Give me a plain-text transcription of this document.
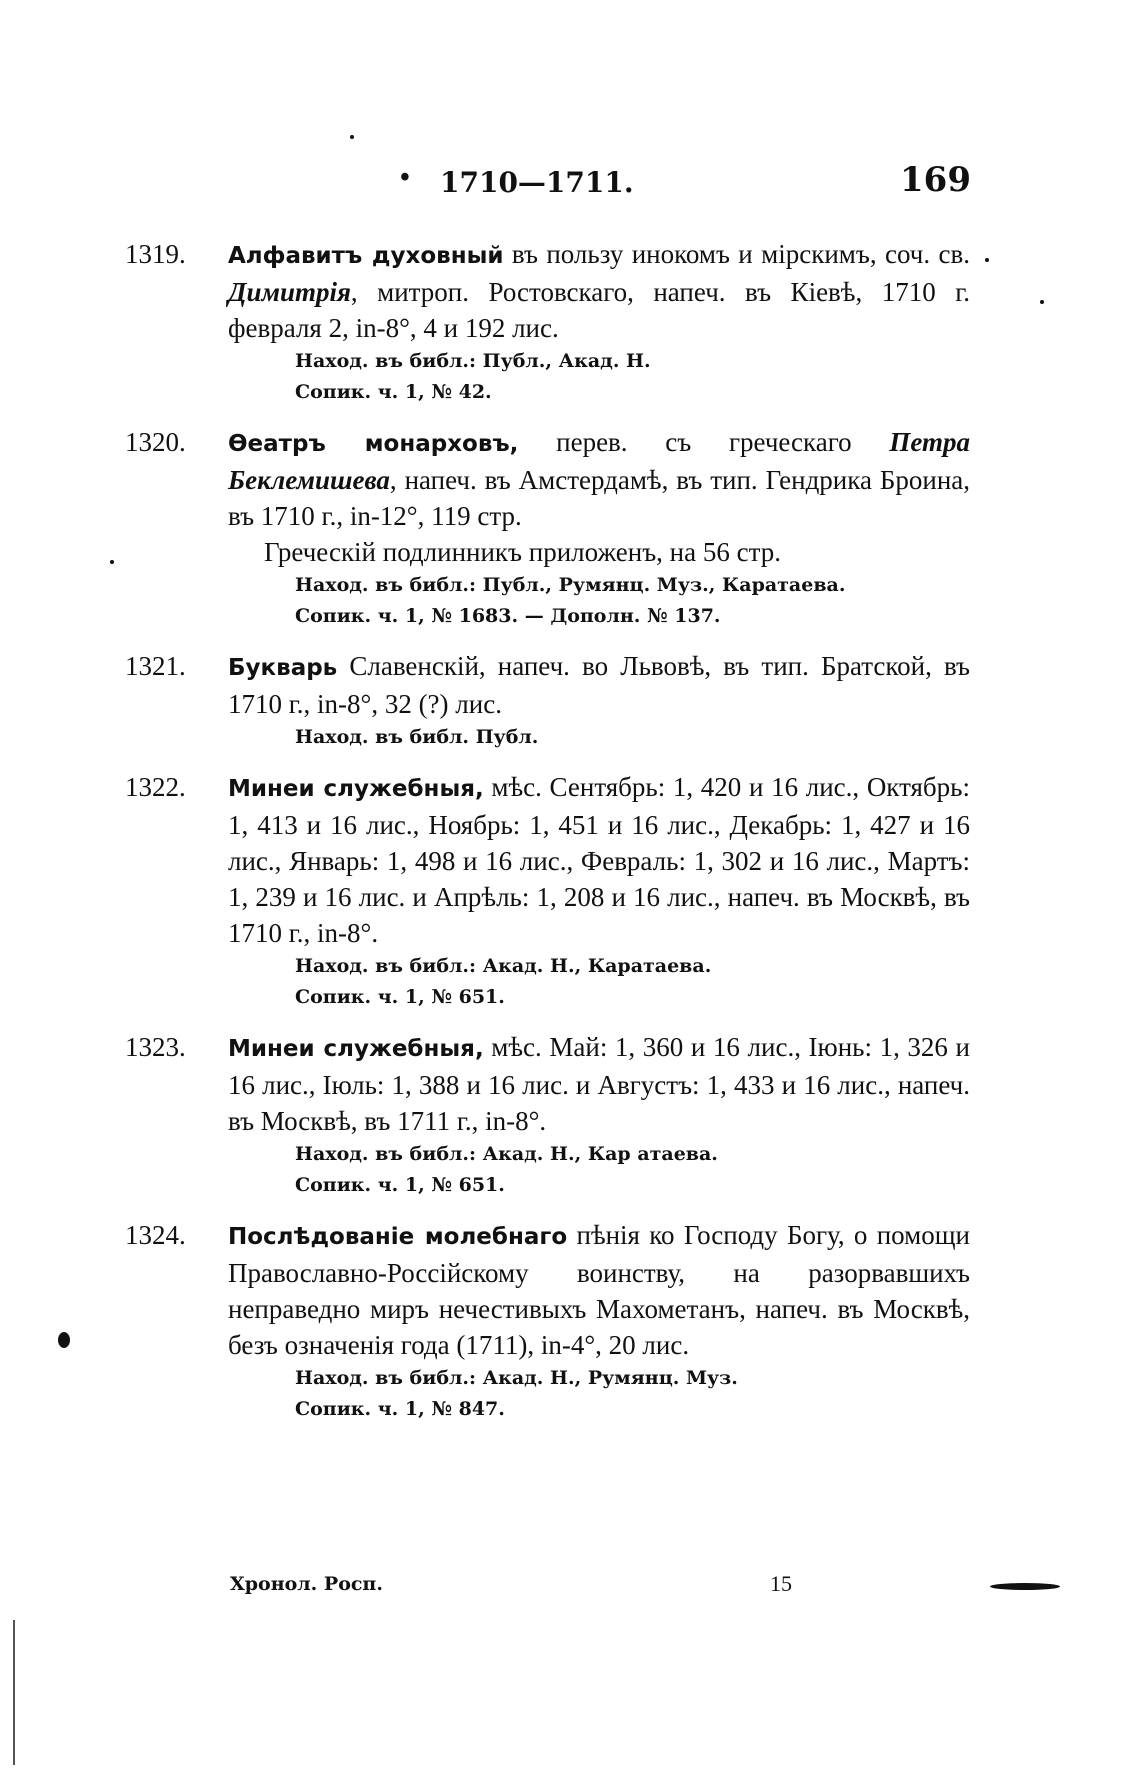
• 1710—1711.	169
1319. Алфавитъ духовный въ пользу инокомъ и мірскимъ, соч. св. Димитрія, митроп. Ростовскаго, напеч. въ Кіевѣ, 1710 г. февраля 2, in-8°, 4 и 192 лис.
Наход. въ библ.: Публ., Акад. Н.
Сопик. ч. 1, № 42.
1320. Өеатръ монарховъ, перев. съ греческаго Петра Беклемишева, напеч. въ Амстердамѣ, въ тип. Гендрика Броина, въ 1710 г., in-12°, 119 стр.
Греческій подлинникъ приложенъ, на 56 стр.
Наход. въ библ.: Публ., Румянц. Муз., Каратаева.
Сопик. ч. 1, № 1683. — Дополн. № 137.
1321. Букварь Славенскій, напеч. во Львовѣ, въ тип. Братской, въ 1710 г., in-8°, 32 (?) лис.
Наход. въ библ. Публ.
1322. Минеи служебныя, мѣс. Сентябрь: 1, 420 и 16 лис., Октябрь: 1, 413 и 16 лис., Ноябрь: 1, 451 и 16 лис., Декабрь: 1, 427 и 16 лис., Январь: 1, 498 и 16 лис., Февраль: 1, 302 и 16 лис., Мартъ: 1, 239 и 16 лис. и Апрѣль: 1, 208 и 16 лис., напеч. въ Москвѣ, въ 1710 г., in-8°.
Наход. въ библ.: Акад. Н., Каратаева.
Сопик. ч. 1, № 651.
1323. Минеи служебныя, мѣс. Май: 1, 360 и 16 лис., Іюнь: 1, 326 и 16 лис., Іюль: 1, 388 и 16 лис. и Августъ: 1, 433 и 16 лис., напеч. въ Москвѣ, въ 1711 г., in-8°.
Наход. въ библ.: Акад. Н., Кар атаева.
Сопик. ч. 1, № 651.
1324. Послѣдованіе молебнаго пѣнія ко Господу Богу, о помощи Православно-Россійскому воинству, на разорвавшихъ неправедно миръ нечестивыхъ Махометанъ, напеч. въ Москвѣ, безъ означенія года (1711), in-4°, 20 лис.
Наход. въ библ.: Акад. Н., Румянц. Муз.
Сопик. ч. 1, № 847.
Хронол. Росп.	15
